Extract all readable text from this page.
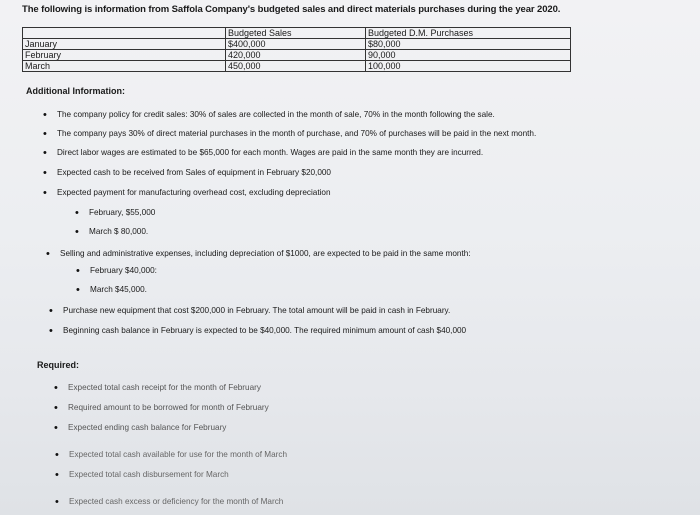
The following is information from Saffola Company's budgeted sales and direct materials purchases during the year 2020.
	Budgeted Sales	Budgeted D.M. Purchases
January	$400,000	$80,000
February	420,000	90,000
March	450,000	100,000
Additional Information:
• The company policy for credit sales: 30% of sales are collected in the month of sale, 70% in the month following the sale.
• The company pays 30% of direct material purchases in the month of purchase, and 70% of purchases will be paid in the next month.
• Direct labor wages are estimated to be $65,000 for each month. Wages are paid in the same month they are incurred.
• Expected cash to be received from Sales of equipment in February $20,000
• Expected payment for manufacturing overhead cost, excluding depreciation
• February, $55,000
• March $ 80,000.
• Selling and administrative expenses, including depreciation of $1000, are expected to be paid in the same month:
• February $40,000:
• March $45,000.
• Purchase new equipment that cost $200,000 in February. The total amount will be paid in cash in February.
• Beginning cash balance in February is expected to be $40,000. The required minimum amount of cash $40,000
Required:
• Expected total cash receipt for the month of February
• Required amount to be borrowed for month of February
• Expected ending cash balance for February
• Expected total cash available for use for the month of March
• Expected total cash disbursement for March
• Expected cash excess or deficiency for the month of March
